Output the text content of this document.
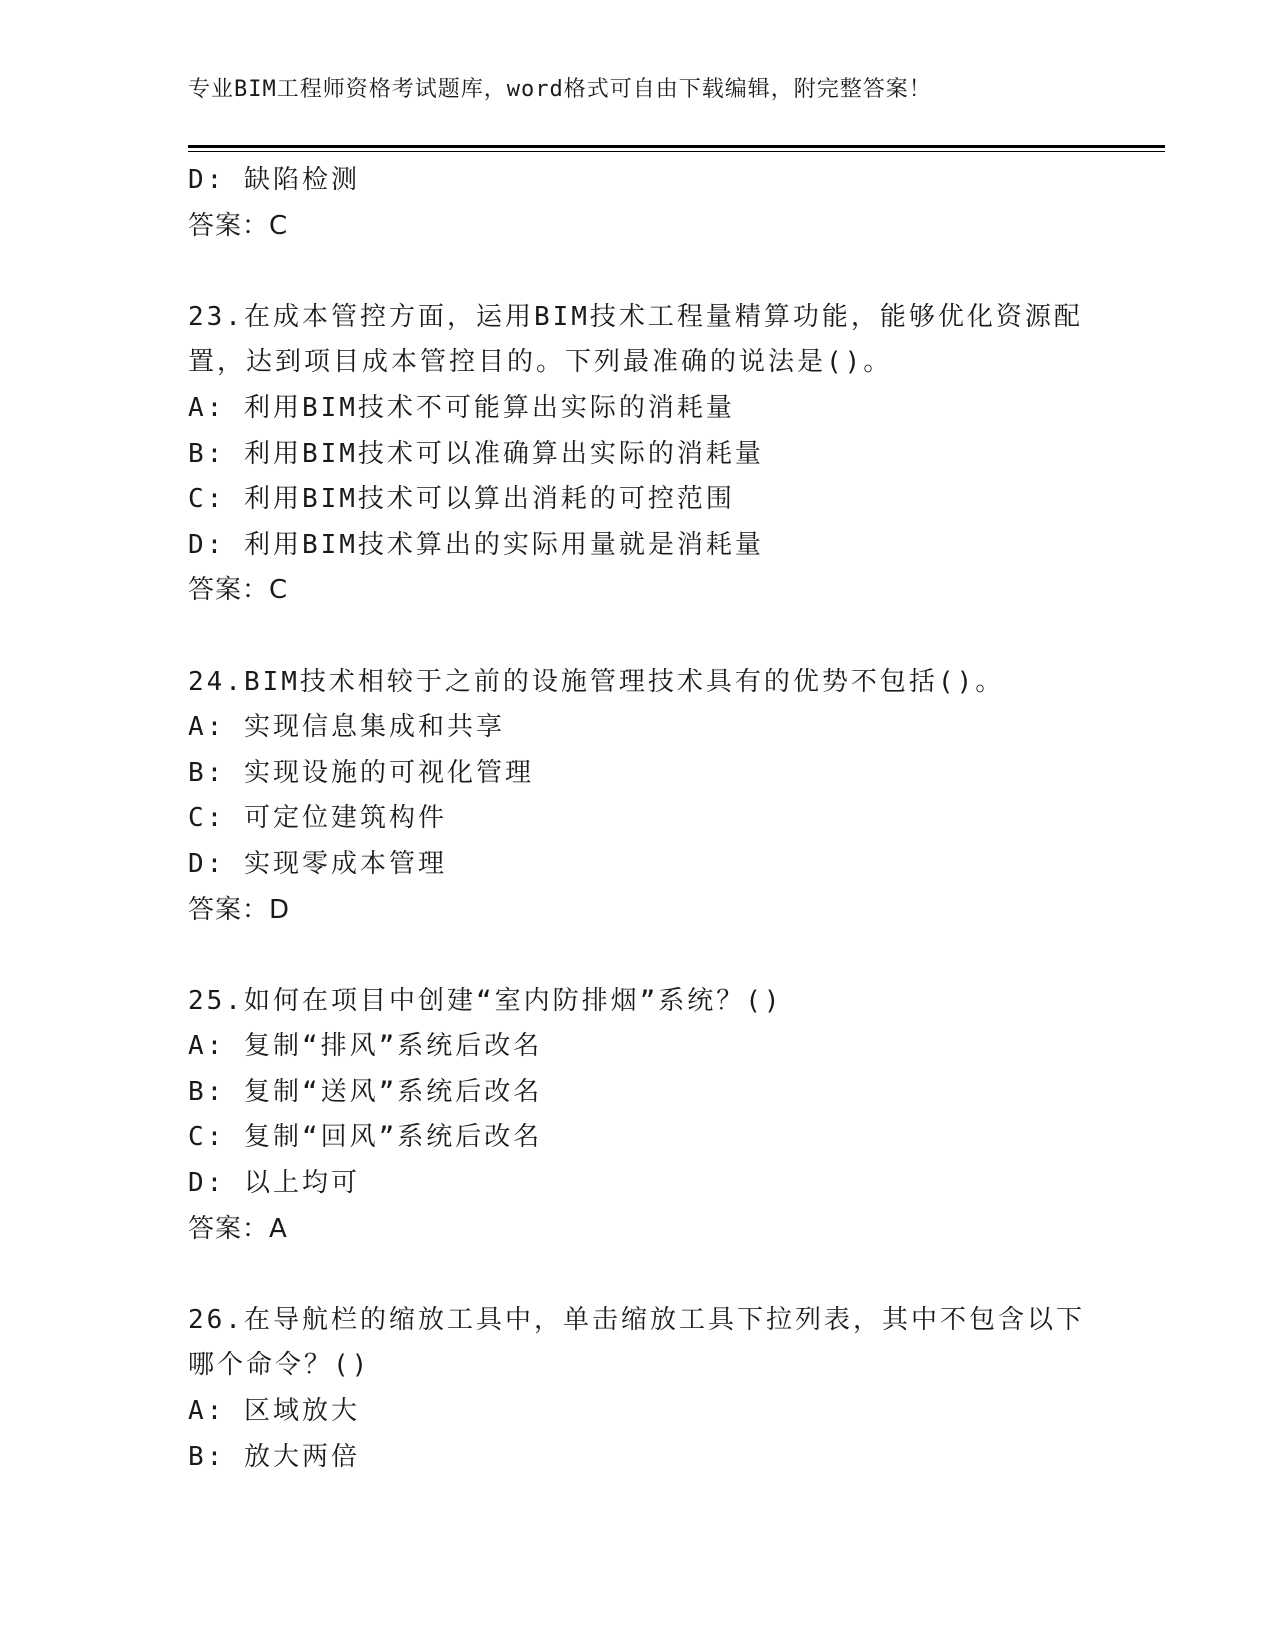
专业BIM工程师资格考试题库，word格式可自由下载编辑，附完整答案！
D: 缺陷检测
答案：C
23.在成本管控方面，运用BIM技术工程量精算功能，能够优化资源配
置，达到项目成本管控目的。下列最准确的说法是()。
A: 利用BIM技术不可能算出实际的消耗量
B: 利用BIM技术可以准确算出实际的消耗量
C: 利用BIM技术可以算出消耗的可控范围
D: 利用BIM技术算出的实际用量就是消耗量
答案：C
24.BIM技术相较于之前的设施管理技术具有的优势不包括()。
A: 实现信息集成和共享
B: 实现设施的可视化管理
C: 可定位建筑构件
D: 实现零成本管理
答案：D
25.如何在项目中创建“室内防排烟”系统？()
A: 复制“排风”系统后改名
B: 复制“送风”系统后改名
C: 复制“回风”系统后改名
D: 以上均可
答案：A
26.在导航栏的缩放工具中，单击缩放工具下拉列表，其中不包含以下
哪个命令？()
A: 区域放大
B: 放大两倍
